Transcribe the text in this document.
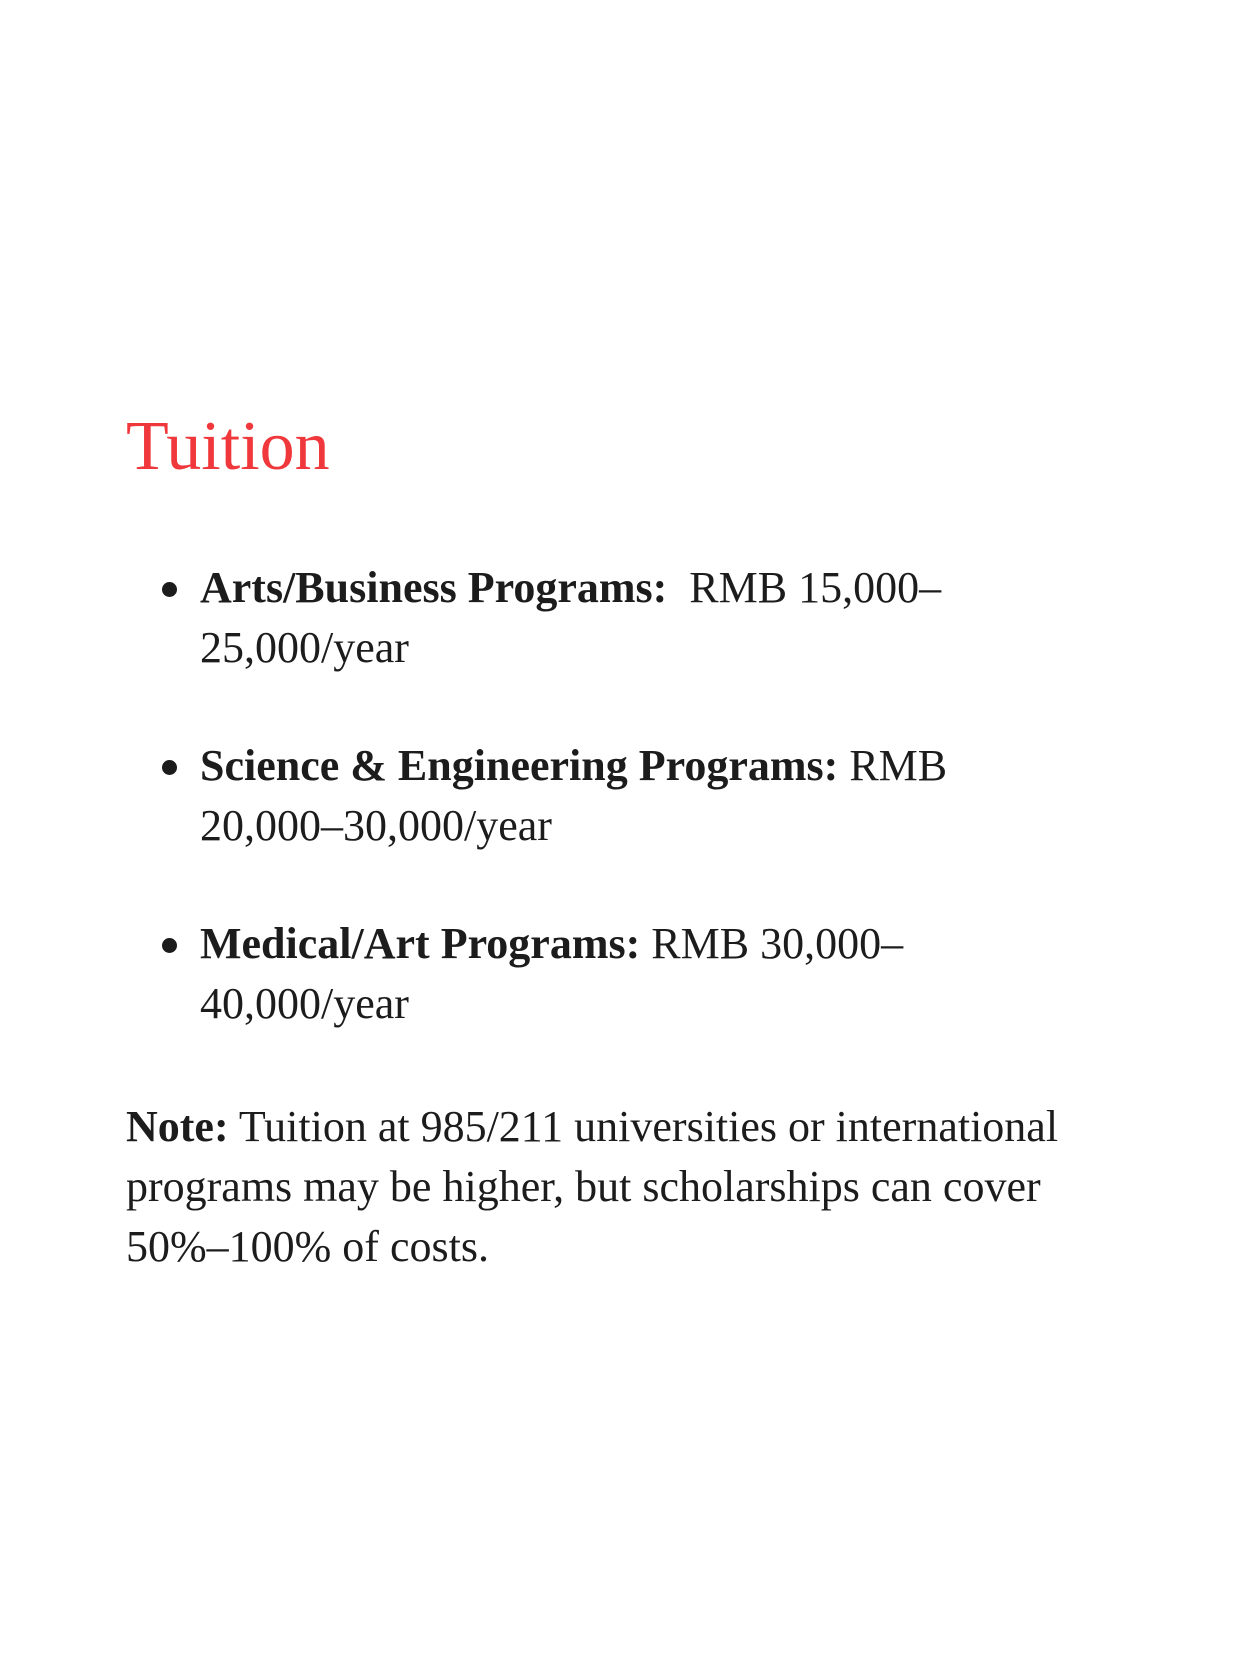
Tuition
Arts/Business Programs: RMB 15,000–25,000/year
Science & Engineering Programs: RMB 20,000–30,000/year
Medical/Art Programs: RMB 30,000–40,000/year

Note: Tuition at 985/211 universities or international programs may be higher, but scholarships can cover 50%–100% of costs.
